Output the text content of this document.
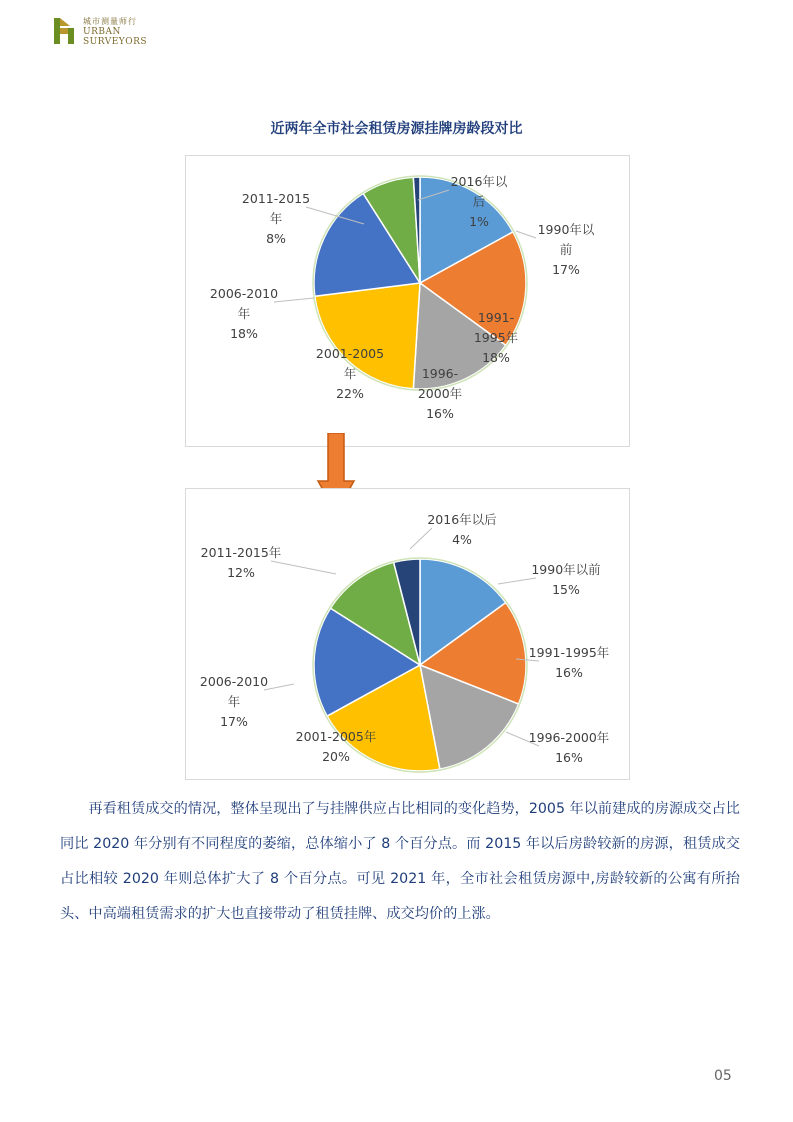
城市测量师行
URBAN
SURVEYORS
近两年全市社会租赁房源挂牌房龄段对比
1990年以前 17%
1991-1995年 18%
1996-2000年 16%
2001-2005 年 22%
2006-2010 年 18%
2011-2015 年 8%
2016年以后 1%
1990年以前 15%
1991-1995年 16%
1996-2000年 16%
2001-2005年 20%
2006-2010 年 17%
2011-2015年 12%
2016年以后 4%

再看租赁成交的情况，整体呈现出了与挂牌供应占比相同的变化趋势，2005 年以前建成的房源成交占比同比 2020 年分别有不同程度的萎缩，总体缩小了 8 个百分点。而 2015 年以后房龄较新的房源，租赁成交占比相较 2020 年则总体扩大了 8 个百分点。可见 2021 年，全市社会租赁房源中,房龄较新的公寓有所抬头、中高端租赁需求的扩大也直接带动了租赁挂牌、成交均价的上涨。

05
